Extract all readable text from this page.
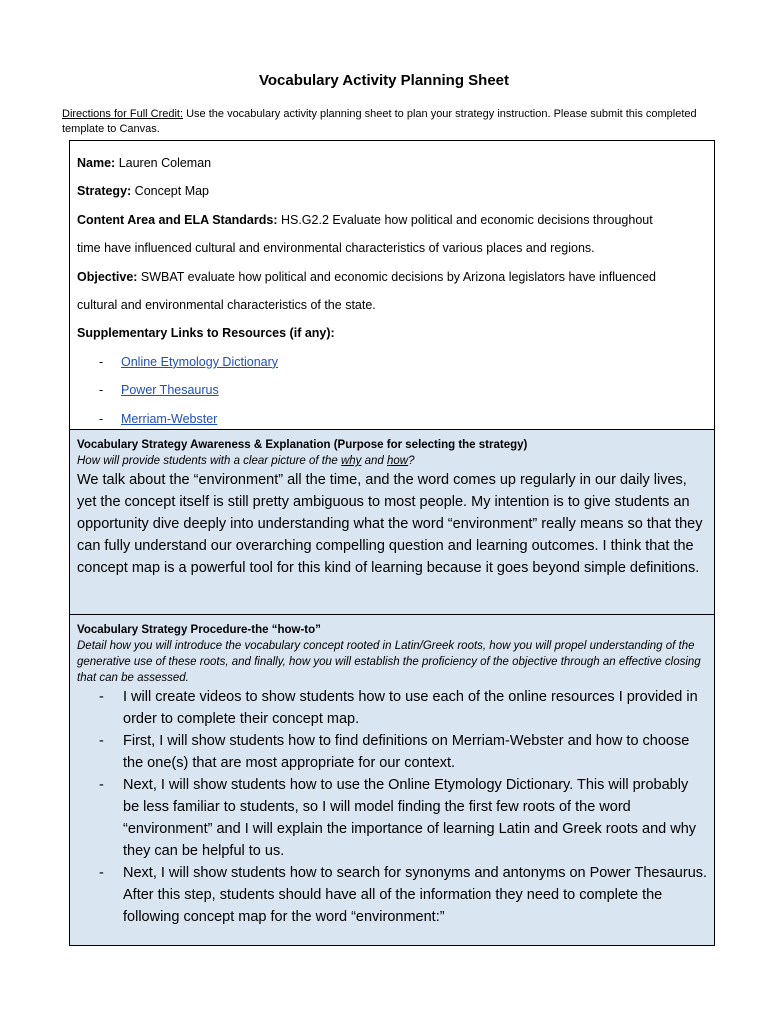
Vocabulary Activity Planning Sheet
Directions for Full Credit: Use the vocabulary activity planning sheet to plan your strategy instruction. Please submit this completed template to Canvas.
Name: Lauren Coleman
Strategy: Concept Map
Content Area and ELA Standards: HS.G2.2 Evaluate how political and economic decisions throughout
time have influenced cultural and environmental characteristics of various places and regions.
Objective: SWBAT evaluate how political and economic decisions by Arizona legislators have influenced
cultural and environmental characteristics of the state.
Supplementary Links to Resources (if any):
- Online Etymology Dictionary
- Power Thesaurus
- Merriam-Webster
Vocabulary Strategy Awareness & Explanation (Purpose for selecting the strategy)
How will provide students with a clear picture of the why and how?
We talk about the “environment” all the time, and the word comes up regularly in our daily lives, yet the concept itself is still pretty ambiguous to most people. My intention is to give students an opportunity dive deeply into understanding what the word “environment” really means so that they can fully understand our overarching compelling question and learning outcomes. I think that the concept map is a powerful tool for this kind of learning because it goes beyond simple definitions.
Vocabulary Strategy Procedure-the “how-to”
Detail how you will introduce the vocabulary concept rooted in Latin/Greek roots, how you will propel understanding of the generative use of these roots, and finally, how you will establish the proficiency of the objective through an effective closing that can be assessed.
- I will create videos to show students how to use each of the online resources I provided in order to complete their concept map.
- First, I will show students how to find definitions on Merriam-Webster and how to choose the one(s) that are most appropriate for our context.
- Next, I will show students how to use the Online Etymology Dictionary. This will probably be less familiar to students, so I will model finding the first few roots of the word “environment” and I will explain the importance of learning Latin and Greek roots and why they can be helpful to us.
- Next, I will show students how to search for synonyms and antonyms on Power Thesaurus. After this step, students should have all of the information they need to complete the following concept map for the word “environment:”
